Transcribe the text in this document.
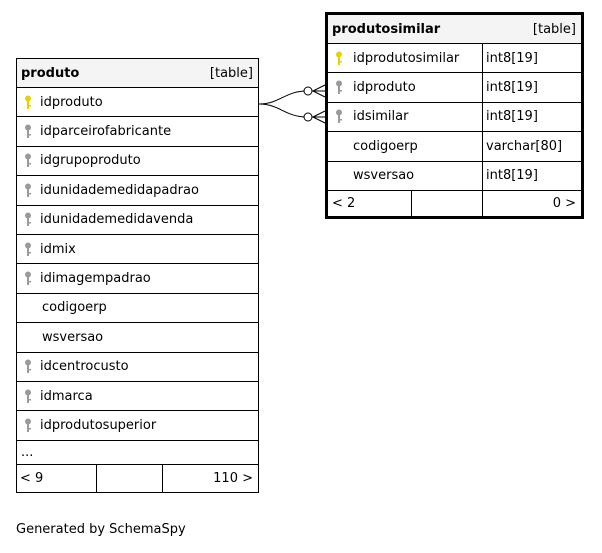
produto	[table]
idproduto
idparceirofabricante
idgrupoproduto
idunidademedidapadrao
idunidademedidavenda
idmix
idimagempadrao
codigoerp
wsversao
idcentrocusto
idmarca
idprodutosuperior
...
< 9	110 >
produtosimilar	[table]
idprodutosimilar int8[19]
idproduto	int8[19]
idsimilar	int8[19]
codigoerp	varchar[80]
wsversao	int8[19]
< 2	0 >
Generated by SchemaSpy
